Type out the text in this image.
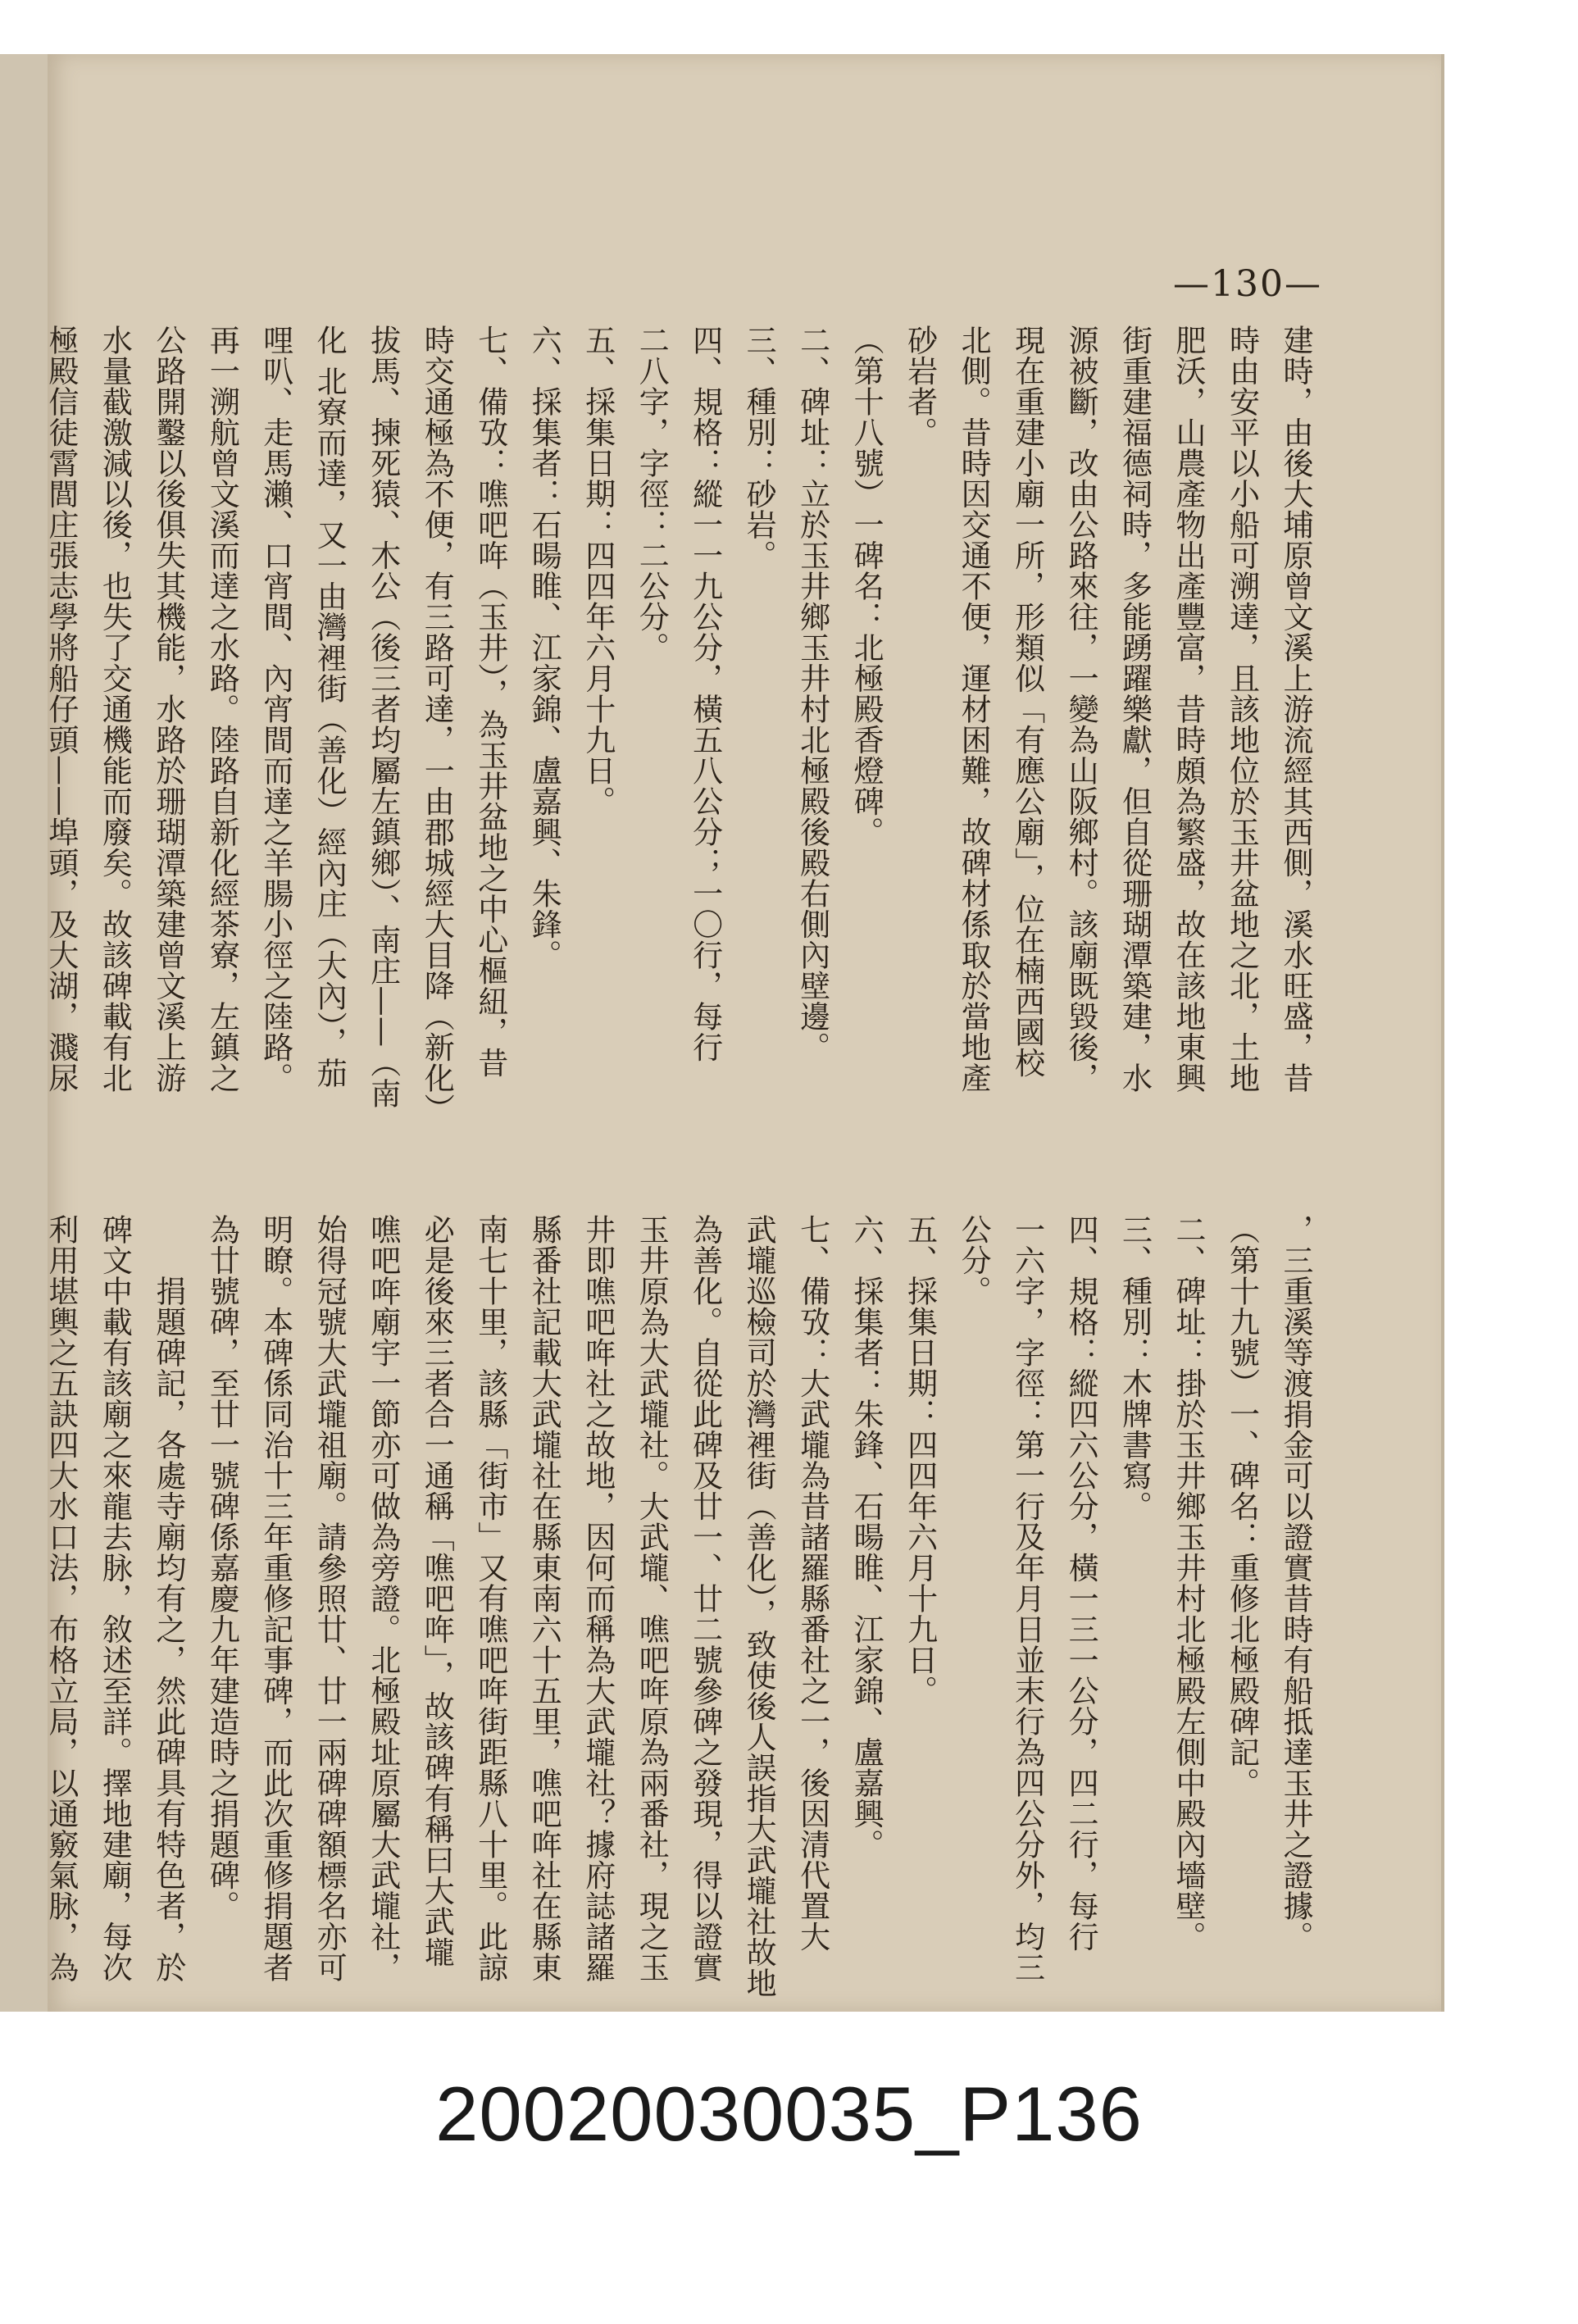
—130—
建時，由後大埔原曾文溪上游流經其西側，溪水旺盛，昔
時由安平以小船可溯達，且該地位於玉井盆地之北，土地
肥沃，山農產物出產豐富，昔時頗為繁盛，故在該地東興
街重建福德祠時，多能踴躍樂獻，但自從珊瑚潭築建，水
源被斷，改由公路來往，一變為山阪鄉村。該廟既毀後，
現在重建小廟一所，形類似「有應公廟」，位在楠西國校
北側。昔時因交通不便，運材困難，故碑材係取於當地產
砂岩者。
（第十八號）一碑名：北極殿香燈碑。
二、碑址：立於玉井鄉玉井村北極殿後殿右側內壁邊。
三、種別：砂岩。
四、規格：縱一一九公分，橫五八公分；一〇行，每行
二八字，字徑：二公分。
五、採集日期：四四年六月十九日。
六、採集者：石暘睢、江家錦、盧嘉興、朱鋒。
七、備攷：噍吧哖（玉井），為玉井盆地之中心樞紐，昔
時交通極為不便，有三路可達，一由郡城經大目降（新化）
拔馬、揀死猿、木公（後三者均屬左鎮鄉）、南庄——（南
化 北寮而達，又一由灣裡街（善化）經內庄（大內），茄
哩叭、走馬瀨、口宵間、內宵間而達之羊腸小徑之陸路。
再一溯航曾文溪而達之水路。陸路自新化經茶寮，左鎮之
公路開鑿以後俱失其機能，水路於珊瑚潭築建曾文溪上游
水量截激減以後，也失了交通機能而廢矣。故該碑載有北
極殿信徒霄閭庄張志學將船仔頭——埠頭，及大湖，濺尿
，三重溪等渡捐金可以證實昔時有船抵達玉井之證據。
（第十九號）一、碑名：重修北極殿碑記。
二、碑址：掛於玉井鄉玉井村北極殿左側中殿內墻壁。
三、種別：木牌書寫。
四、規格：縱四六公分，橫一三一公分，四二行，每行
一六字，字徑：第一行及年月日並末行為四公分外，均三
公分。
五、採集日期：四四年六月十九日。
六、採集者：朱鋒、石暘睢、江家錦、盧嘉興。
七、備攷：大武壠為昔諸羅縣番社之一，後因清代置大
武壠巡檢司於灣裡街（善化），致使後人誤指大武壠社故地
為善化。自從此碑及廿一、廿二號參碑之發現，得以證實
玉井原為大武壠社。大武壠、噍吧哖原為兩番社，現之玉
井即噍吧哖社之故地，因何而稱為大武壠社？據府誌諸羅
縣番社記載大武壠社在縣東南六十五里，噍吧哖社在縣東
南七十里，該縣「街市」又有噍吧哖街距縣八十里。此諒
必是後來三者合一通稱「噍吧哖」，故該碑有稱曰大武壠
噍吧哖廟宇一節亦可做為旁證。北極殿址原屬大武壠社，
始得冠號大武壠祖廟。請參照廿、廿一兩碑碑額標名亦可
明瞭。本碑係同治十三年重修記事碑，而此次重修捐題者
為廿號碑，至廿一號碑係嘉慶九年建造時之捐題碑。
　　捐題碑記，各處寺廟均有之，然此碑具有特色者，於
碑文中載有該廟之來龍去脉，敘述至詳。擇地建廟，每次
利用堪輿之五訣四大水口法，布格立局，以通竅氣脉，為
20020030035_P136
